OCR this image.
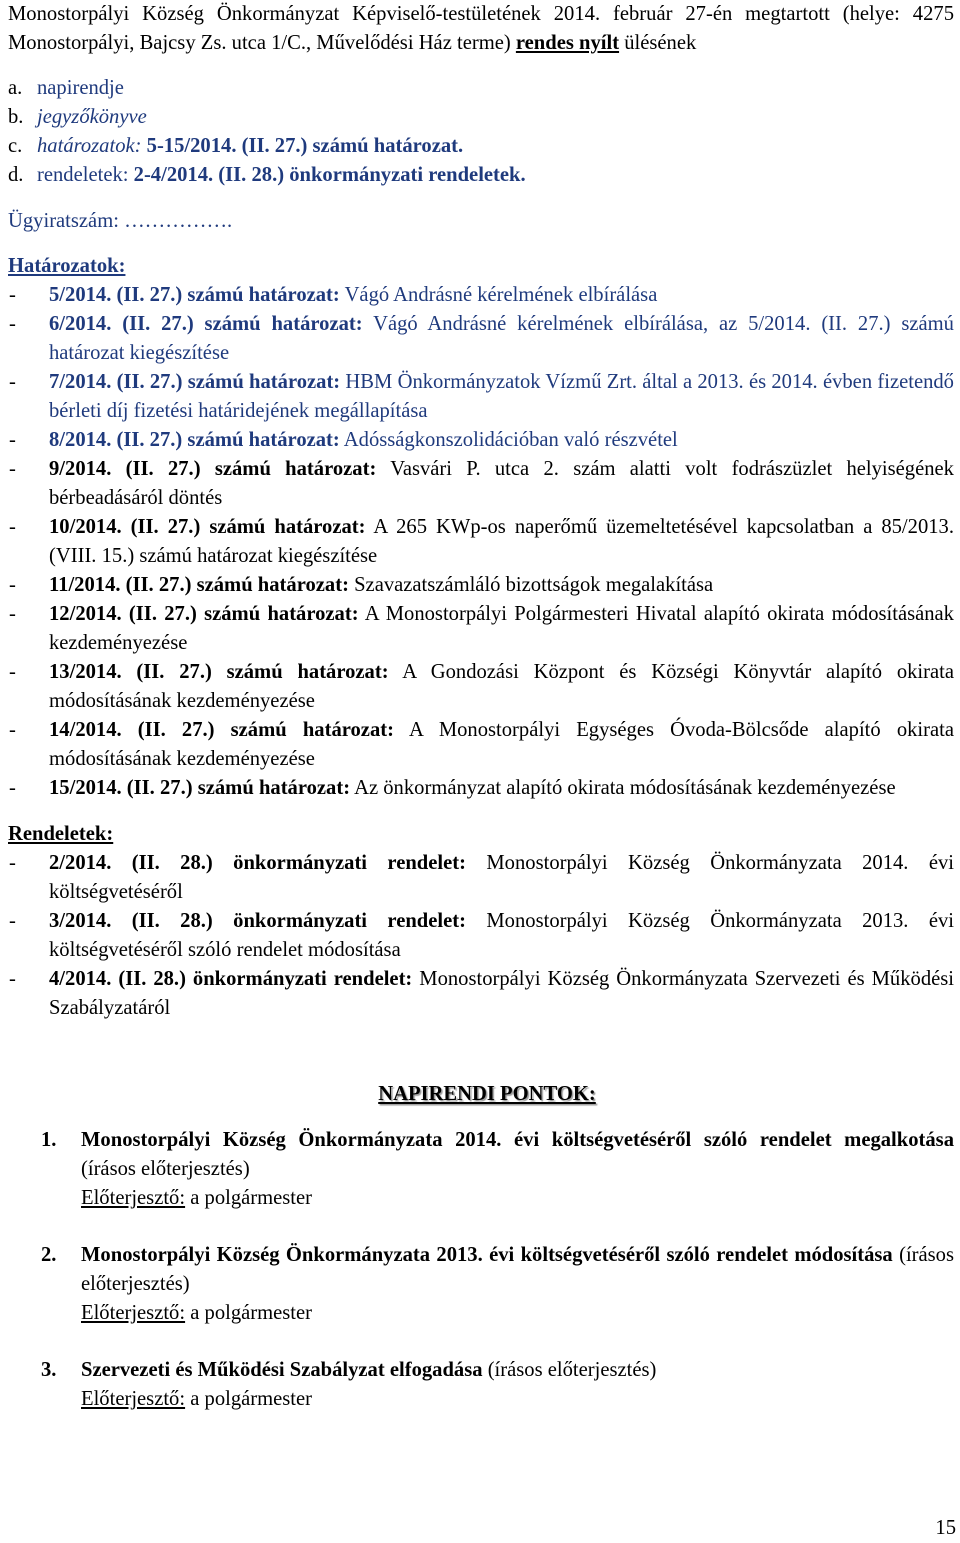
Monostorpályi Község Önkormányzat Képviselő-testületének 2014. február 27-én megtartott (helye: 4275 Monostorpályi, Bajcsy Zs. utca 1/C., Művelődési Ház terme) rendes nyílt ülésének

a. napirendje
b. jegyzőkönyve
c. határozatok: 5-15/2014. (II. 27.) számú határozat.
d. rendeletek: 2-4/2014. (II. 28.) önkormányzati rendeletek.
Ügyiratszám: …………….
Határozatok:
-	5/2014. (II. 27.) számú határozat: Vágó Andrásné kérelmének elbírálása
-	6/2014. (II. 27.) számú határozat: Vágó Andrásné kérelmének elbírálása, az 5/2014. (II. 27.) számú határozat kiegészítése
-	7/2014. (II. 27.) számú határozat: HBM Önkormányzatok Vízmű Zrt. által a 2013. és 2014. évben fizetendő bérleti díj fizetési határidejének megállapítása
-	8/2014. (II. 27.) számú határozat: Adósságkonszolidációban való részvétel
-	9/2014. (II. 27.) számú határozat: Vasvári P. utca 2. szám alatti volt fodrászüzlet helyiségének bérbeadásáról döntés
-	10/2014. (II. 27.) számú határozat: A 265 KWp-os naperőmű üzemeltetésével kapcsolatban a 85/2013. (VIII. 15.) számú határozat kiegészítése
-	11/2014. (II. 27.) számú határozat: Szavazatszámláló bizottságok megalakítása
-	12/2014. (II. 27.) számú határozat: A Monostorpályi Polgármesteri Hivatal alapító okirata módosításának kezdeményezése
-	13/2014. (II. 27.) számú határozat: A Gondozási Központ és Községi Könyvtár alapító okirata módosításának kezdeményezése
-	14/2014. (II. 27.) számú határozat: A Monostorpályi Egységes Óvoda-Bölcsőde alapító okirata módosításának kezdeményezése
-	15/2014. (II. 27.) számú határozat: Az önkormányzat alapító okirata módosításának kezdeményezése
Rendeletek:
-	2/2014. (II. 28.) önkormányzati rendelet: Monostorpályi Község Önkormányzata 2014. évi költségvetéséről
-	3/2014. (II. 28.) önkormányzati rendelet: Monostorpályi Község Önkormányzata 2013. évi költségvetéséről szóló rendelet módosítása
-	4/2014. (II. 28.) önkormányzati rendelet: Monostorpályi Község Önkormányzata Szervezeti és Működési Szabályzatáról
NAPIRENDI PONTOK:
1.	Monostorpályi Község Önkormányzata 2014. évi költségvetéséről szóló rendelet megalkotása (írásos előterjesztés)
Előterjesztő: a polgármester
2.	Monostorpályi Község Önkormányzata 2013. évi költségvetéséről szóló rendelet módosítása (írásos előterjesztés)
Előterjesztő: a polgármester
3.	Szervezeti és Működési Szabályzat elfogadása (írásos előterjesztés)
Előterjesztő: a polgármester
15
